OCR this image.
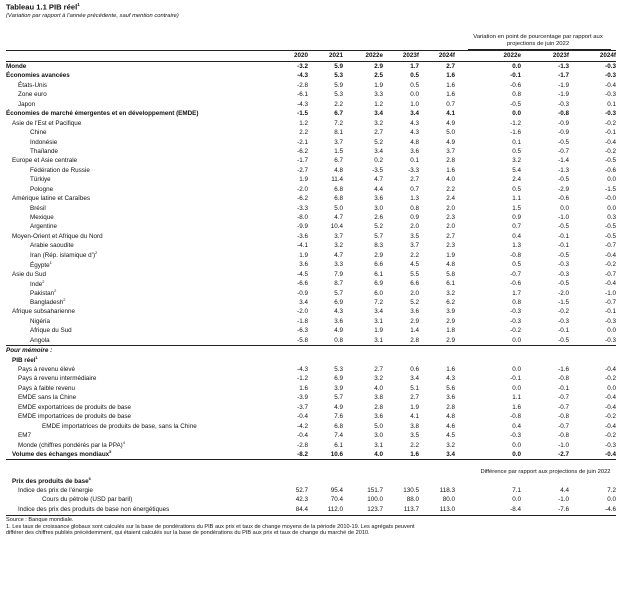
Tableau 1.1 PIB réel$^1$
(Variation par rapport à l’année précédente, sauf mention contraire)
Variation en point de pourcentage par rapport aux projections de juin 2022
	2020	2021	2022e	2023f	2024f		2022e	2023f	2024f
Monde	-3.2	5.9	2.9	1.7	2.7		0.0	-1.3	-0.3
Économies avancées	-4.3	5.3	2.5	0.5	1.6		-0.1	-1.7	-0.3
États-Unis	-2.8	5.9	1.9	0.5	1.6		-0.6	-1.9	-0.4
Zone euro	-6.1	5.3	3.3	0.0	1.6		0.8	-1.9	-0.3
Japon	-4.3	2.2	1.2	1.0	0.7		-0.5	-0.3	0.1
Économies de marché émergentes et en développement (EMDE)	-1.5	6.7	3.4	3.4	4.1		0.0	-0.8	-0.3
Asie de l’Est et Pacifique	1.2	7.2	3.2	4.3	4.9		-1.2	-0.9	-0.2
Chine	2.2	8.1	2.7	4.3	5.0		-1.6	-0.9	-0.1
Indonésie	-2.1	3.7	5.2	4.8	4.9		0.1	-0.5	-0.4
Thaïlande	-6.2	1.5	3.4	3.6	3.7		0.5	-0.7	-0.2
Europe et Asie centrale	-1.7	6.7	0.2	0.1	2.8		3.2	-1.4	-0.5
Fédération de Russie	-2.7	4.8	-3.5	-3.3	1.6		5.4	-1.3	-0.6
Türkiye	1.9	11.4	4.7	2.7	4.0		2.4	-0.5	0.0
Pologne	-2.0	6.8	4.4	0.7	2.2		0.5	-2.9	-1.5
Amérique latine et Caraïbes	-6.2	6.8	3.6	1.3	2.4		1.1	-0.6	-0.0
Brésil	-3.3	5.0	3.0	0.8	2.0		1.5	0.0	0.0
Mexique	-8.0	4.7	2.6	0.9	2.3		0.9	-1.0	0.3
Argentine	-9.9	10.4	5.2	2.0	2.0		0.7	-0.5	-0.5
Moyen-Orient et Afrique du Nord	-3.6	3.7	5.7	3.5	2.7		0.4	-0.1	-0.5
Arabie saoudite	-4.1	3.2	8.3	3.7	2.3		1.3	-0.1	-0.7
Iran (Rép. islamique d’)$^2$	1.9	4.7	2.9	2.2	1.9		-0.8	-0.5	-0.4
Égypte$^1$	3.6	3.3	6.6	4.5	4.8		0.5	-0.3	-0.2
Asie du Sud	-4.5	7.9	6.1	5.5	5.8		-0.7	-0.3	-0.7
Inde$^2$	-6.6	8.7	6.9	6.6	6.1		-0.6	-0.5	-0.4
Pakistan$^2$	-0.9	5.7	6.0	2.0	3.2		1.7	-2.0	-1.0
Bangladesh$^2$	3.4	6.9	7.2	5.2	6.2		0.8	-1.5	-0.7
Afrique subsaharienne	-2.0	4.3	3.4	3.6	3.9		-0.3	-0.2	-0.1
Nigéria	-1.8	3.6	3.1	2.9	2.9		-0.3	-0.3	-0.3
Afrique du Sud	-6.3	4.9	1.9	1.4	1.8		-0.2	-0.1	0.0
Angola	-5.8	0.8	3.1	2.8	2.9		0.0	-0.5	-0.3
Pour mémoire :									
PIB réel$^1$
Pays à revenu élevé	-4.3	5.3	2.7	0.6	1.6		0.0	-1.6	-0.4
Pays à revenu intermédiaire	-1.2	6.9	3.2	3.4	4.3		-0.1	-0.8	-0.2
Pays à faible revenu	1.6	3.9	4.0	5.1	5.6		0.0	-0.1	0.0
EMDE sans la Chine	-3.9	5.7	3.8	2.7	3.6		1.1	-0.7	-0.4
EMDE exportatrices de produits de base	-3.7	4.9	2.8	1.9	2.8		1.6	-0.7	-0.4
EMDE importatrices de produits de base	-0.4	7.6	3.6	4.1	4.8		-0.8	-0.8	-0.2
EMDE importatrices de produits de base, sans la Chine	-4.2	6.8	5.0	3.8	4.6		0.4	-0.7	-0.4
EM7	-0.4	7.4	3.0	3.5	4.5		-0.3	-0.8	-0.2
Monde (chiffres pondérés par la PPA)$^4$	-2.8	6.1	3.1	2.2	3.2		0.0	-1.0	-0.3
Volume des échanges mondiaux$^5$	-8.2	10.6	4.0	1.6	3.4		0.0	-2.7	-0.4
							Différence par rapport aux projections de juin 2022		
Prix des produits de base$^6$
Indice des prix de l’énergie	52.7	95.4	151.7	130.5	118.3		7.1	4.4	7.2
Cours du pétrole (USD par baril)	42.3	70.4	100.0	88.0	80.0		0.0	-1.0	0.0
Indice des prix des produits de base non énergétiques	84.4	112.0	123.7	113.7	113.0		-8.4	-7.6	-4.6
Source : Banque mondiale.
1. Les taux de croissance globaux sont calculés sur la base de pondérations du PIB aux prix et taux de change moyens de la période 2010-19. Les agrégats peuvent
différer des chiffres publiés précédemment, qui étaient calculés sur la base de pondérations du PIB aux prix et taux de change du marché de 2010.
